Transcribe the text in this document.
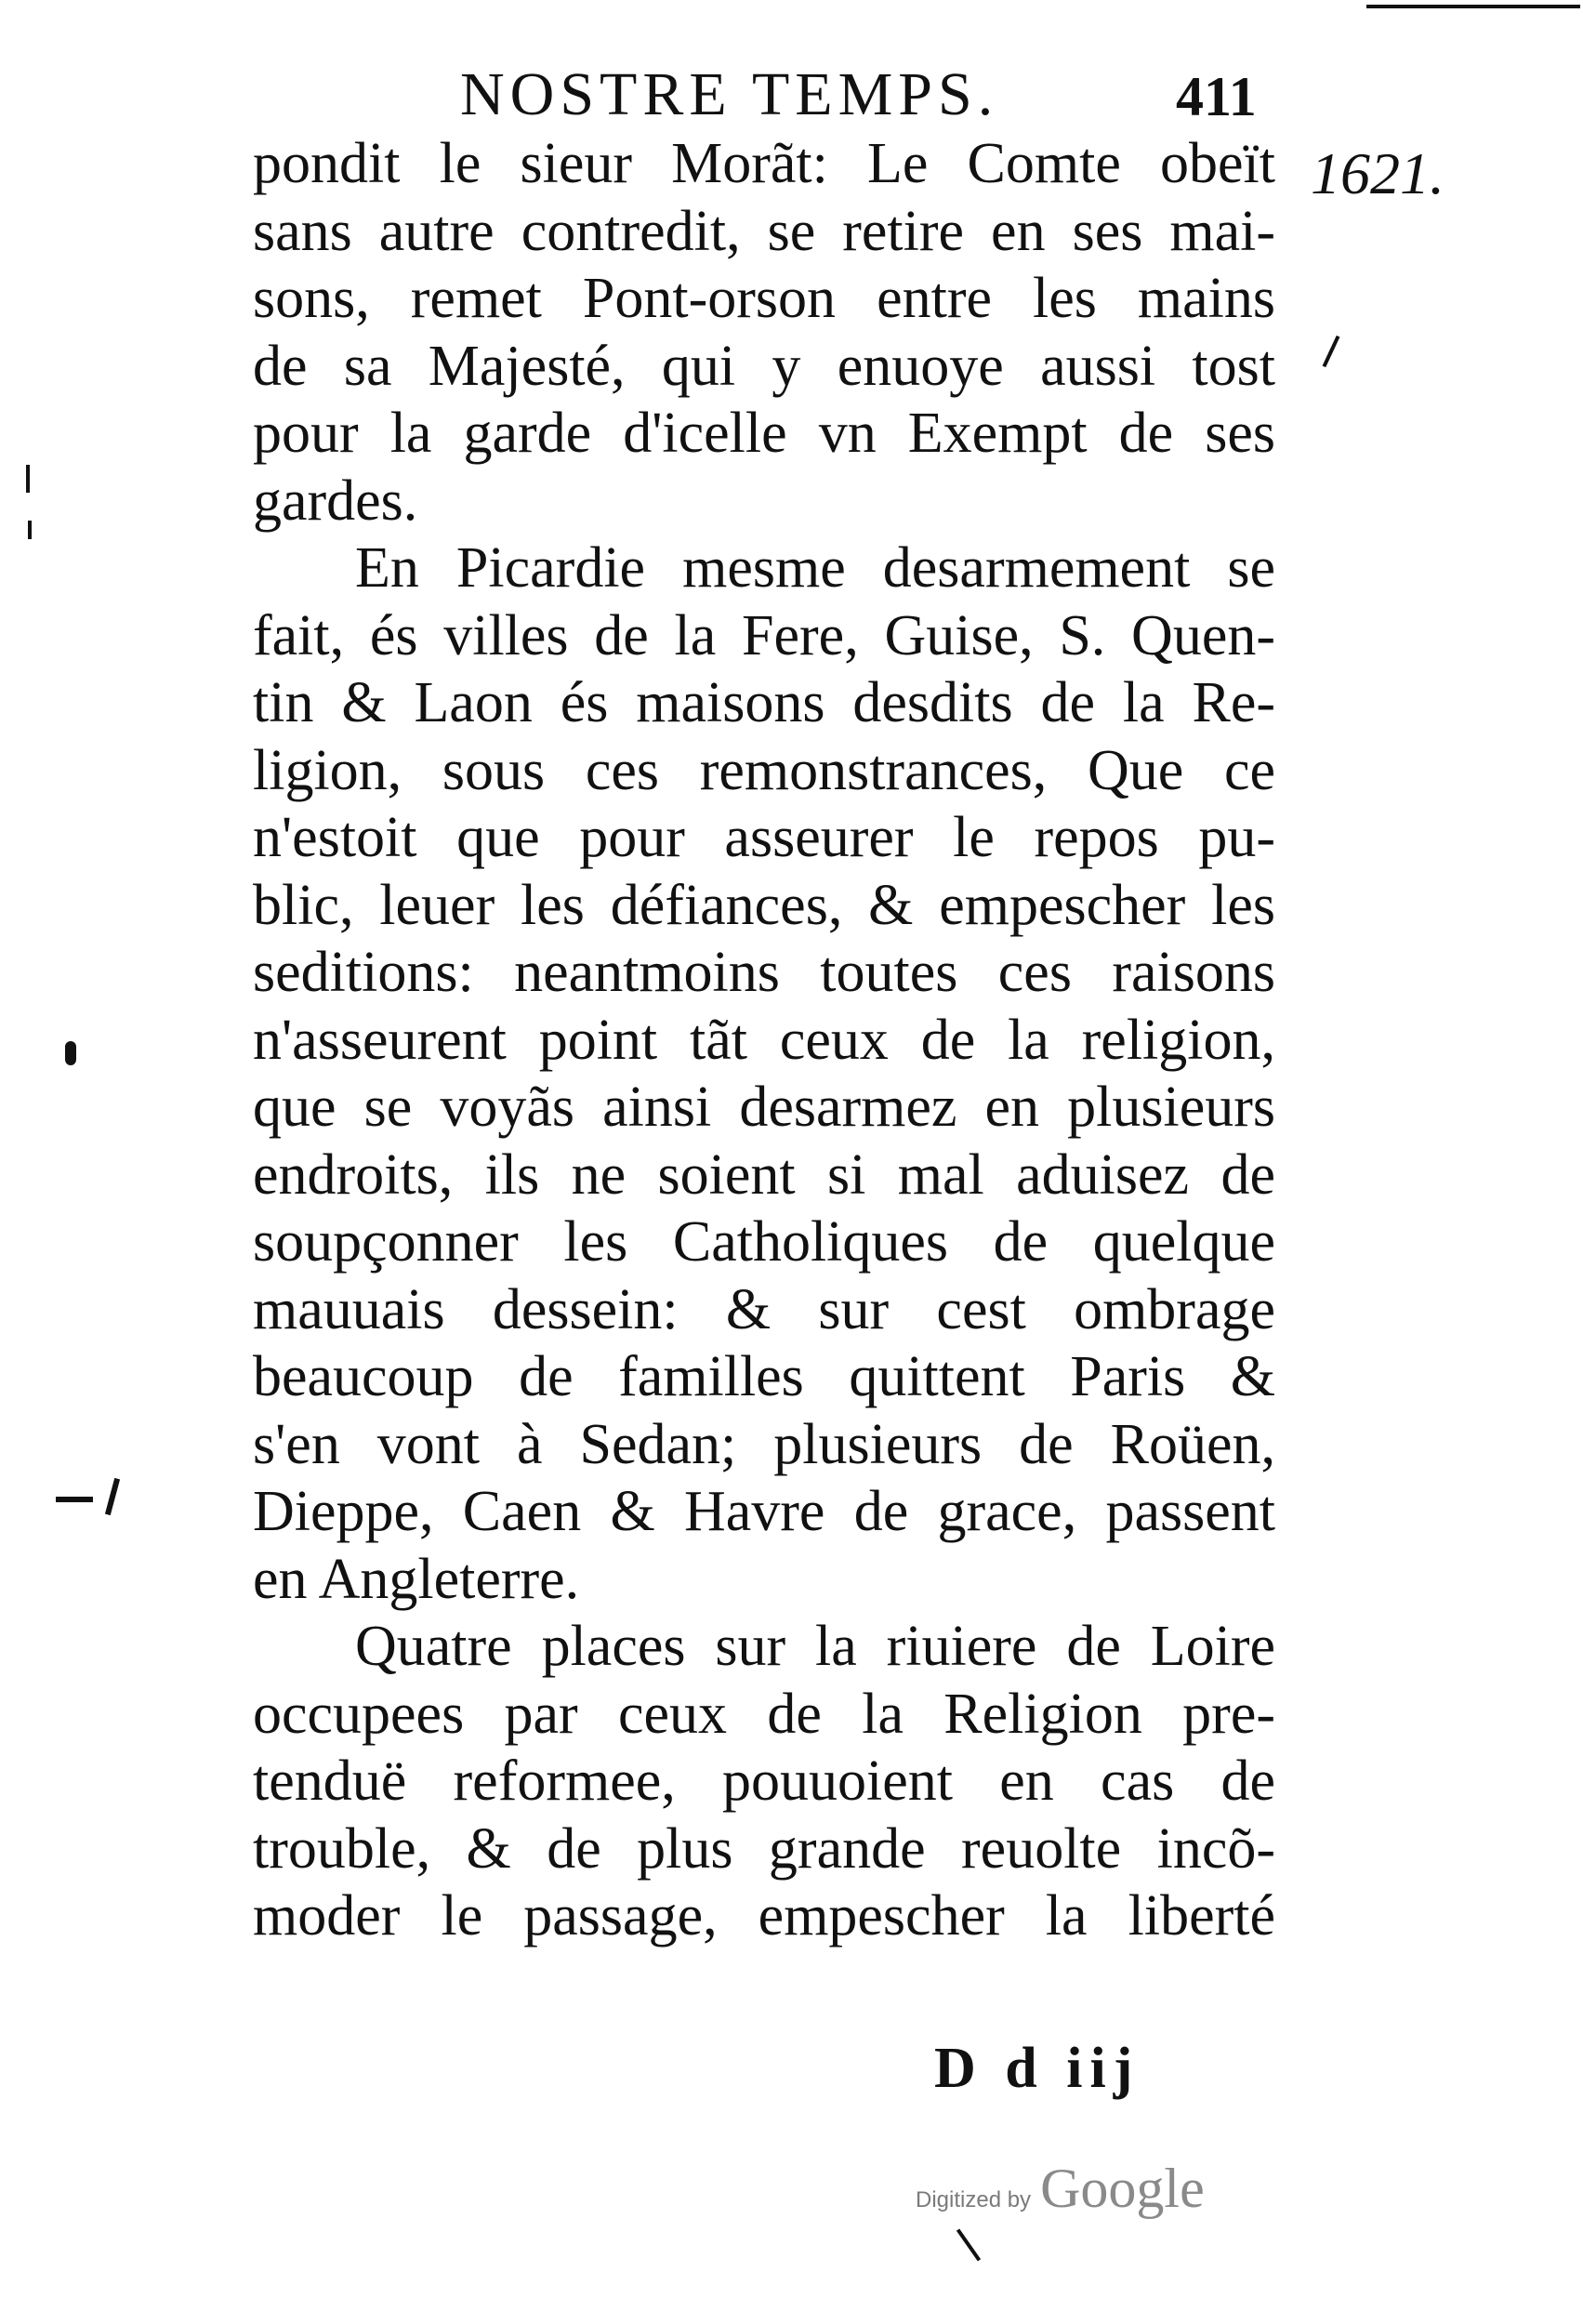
NOSTRE TEMPS.	411
1621.
pondit le sieur Morãt: Le Comte obeït
sans autre contredit, se retire en ses mai-
sons, remet Pont-orson entre les mains
de sa Majesté, qui y enuoye aussi tost
pour la garde d'icelle vn Exempt de ses
gardes.
En Picardie mesme desarmement se
fait, és villes de la Fere, Guise, S. Quen-
tin & Laon és maisons desdits de la Re-
ligion, sous ces remonstrances, Que ce
n'estoit que pour asseurer le repos pu-
blic, leuer les défiances, & empescher les
seditions: neantmoins toutes ces raisons
n'asseurent point tãt ceux de la religion,
que se voyãs ainsi desarmez en plusieurs
endroits, ils ne soient si mal aduisez de
soupçonner les Catholiques de quelque
mauuais dessein: & sur cest ombrage
beaucoup de familles quittent Paris &
s'en vont à Sedan; plusieurs de Roüen,
Dieppe, Caen & Havre de grace, passent
en Angleterre.
Quatre places sur la riuiere de Loire
occupees par ceux de la Religion pre-
tenduë reformee, pouuoient en cas de
trouble, & de plus grande reuolte incõ-
moder le passage, empescher la liberté
D d iij
Digitized by Google
